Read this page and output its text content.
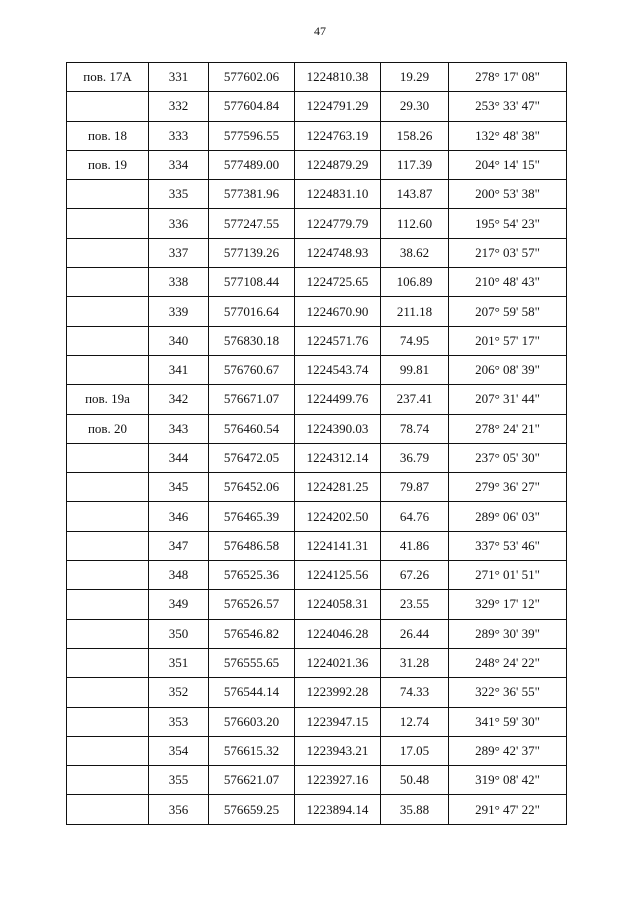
47
пов. 17А	331	577602.06	1224810.38	19.29	278° 17' 08"
	332	577604.84	1224791.29	29.30	253° 33' 47"
пов. 18	333	577596.55	1224763.19	158.26	132° 48' 38"
пов. 19	334	577489.00	1224879.29	117.39	204° 14' 15"
	335	577381.96	1224831.10	143.87	200° 53' 38"
	336	577247.55	1224779.79	112.60	195° 54' 23"
	337	577139.26	1224748.93	38.62	217° 03' 57"
	338	577108.44	1224725.65	106.89	210° 48' 43"
	339	577016.64	1224670.90	211.18	207° 59' 58"
	340	576830.18	1224571.76	74.95	201° 57' 17"
	341	576760.67	1224543.74	99.81	206° 08' 39"
пов. 19а	342	576671.07	1224499.76	237.41	207° 31' 44"
пов. 20	343	576460.54	1224390.03	78.74	278° 24' 21"
	344	576472.05	1224312.14	36.79	237° 05' 30"
	345	576452.06	1224281.25	79.87	279° 36' 27"
	346	576465.39	1224202.50	64.76	289° 06' 03"
	347	576486.58	1224141.31	41.86	337° 53' 46"
	348	576525.36	1224125.56	67.26	271° 01' 51"
	349	576526.57	1224058.31	23.55	329° 17' 12"
	350	576546.82	1224046.28	26.44	289° 30' 39"
	351	576555.65	1224021.36	31.28	248° 24' 22"
	352	576544.14	1223992.28	74.33	322° 36' 55"
	353	576603.20	1223947.15	12.74	341° 59' 30"
	354	576615.32	1223943.21	17.05	289° 42' 37"
	355	576621.07	1223927.16	50.48	319° 08' 42"
	356	576659.25	1223894.14	35.88	291° 47' 22"
